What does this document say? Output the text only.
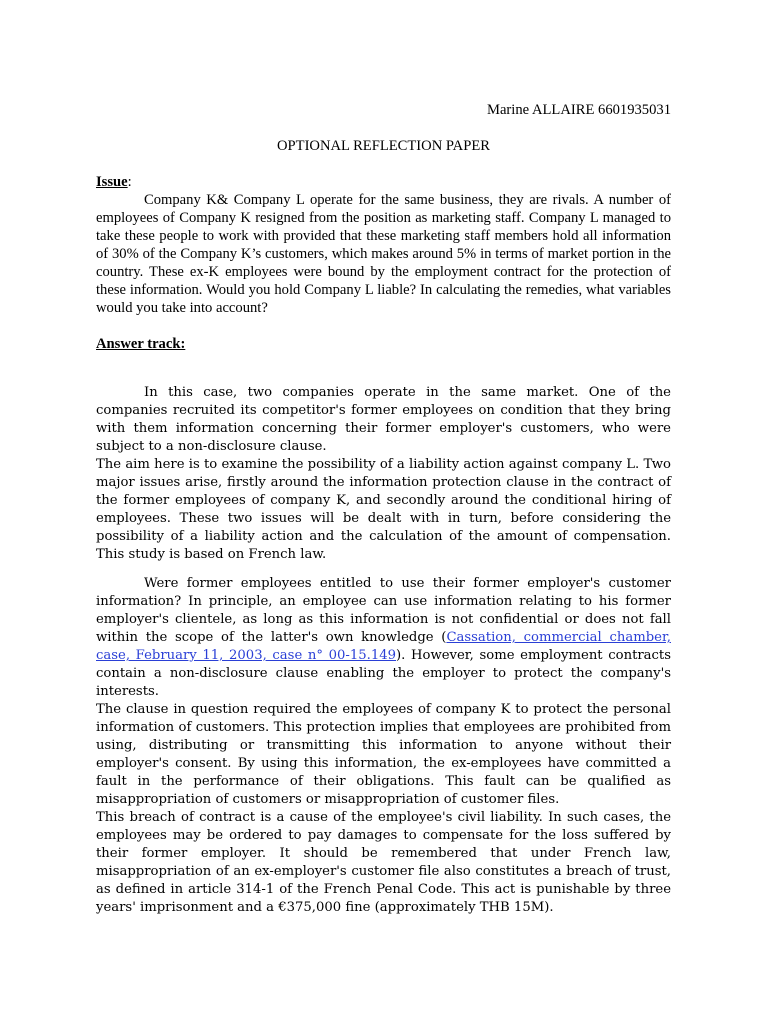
Marine ALLAIRE 6601935031
OPTIONAL REFLECTION PAPER

Issue:

Company K& Company L operate for the same business, they are rivals. A number of employees of Company K resigned from the position as marketing staff. Company L managed to take these people to work with provided that these marketing staff members hold all information of 30% of the Company K’s customers, which makes around 5% in terms of market portion in the country. These ex-K employees were bound by the employment contract for the protection of these information. Would you hold Company L liable? In calculating the remedies, what variables would you take into account?

Answer track:

In this case, two companies operate in the same market. One of the companies recruited its competitor's former employees on condition that they bring with them information concerning their former employer's customers, who were subject to a non-disclosure clause.

The aim here is to examine the possibility of a liability action against company L. Two major issues arise, firstly around the information protection clause in the contract of the former employees of company K, and secondly around the conditional hiring of employees. These two issues will be dealt with in turn, before considering the possibility of a liability action and the calculation of the amount of compensation. This study is based on French law.

Were former employees entitled to use their former employer's customer information? In principle, an employee can use information relating to his former employer's clientele, as long as this information is not confidential or does not fall within the scope of the latter's own knowledge (Cassation, commercial chamber, case, February 11, 2003, case n° 00-15.149). However, some employment contracts contain a non-disclosure clause enabling the employer to protect the company's interests.

The clause in question required the employees of company K to protect the personal information of customers. This protection implies that employees are prohibited from using, distributing or transmitting this information to anyone without their employer's consent. By using this information, the ex-employees have committed a fault in the performance of their obligations. This fault can be qualified as misappropriation of customers or misappropriation of customer files.

This breach of contract is a cause of the employee's civil liability. In such cases, the employees may be ordered to pay damages to compensate for the loss suffered by their former employer. It should be remembered that under French law, misappropriation of an ex-employer's customer file also constitutes a breach of trust, as defined in article 314-1 of the French Penal Code. This act is punishable by three years' imprisonment and a €375,000 fine (approximately THB 15M).
